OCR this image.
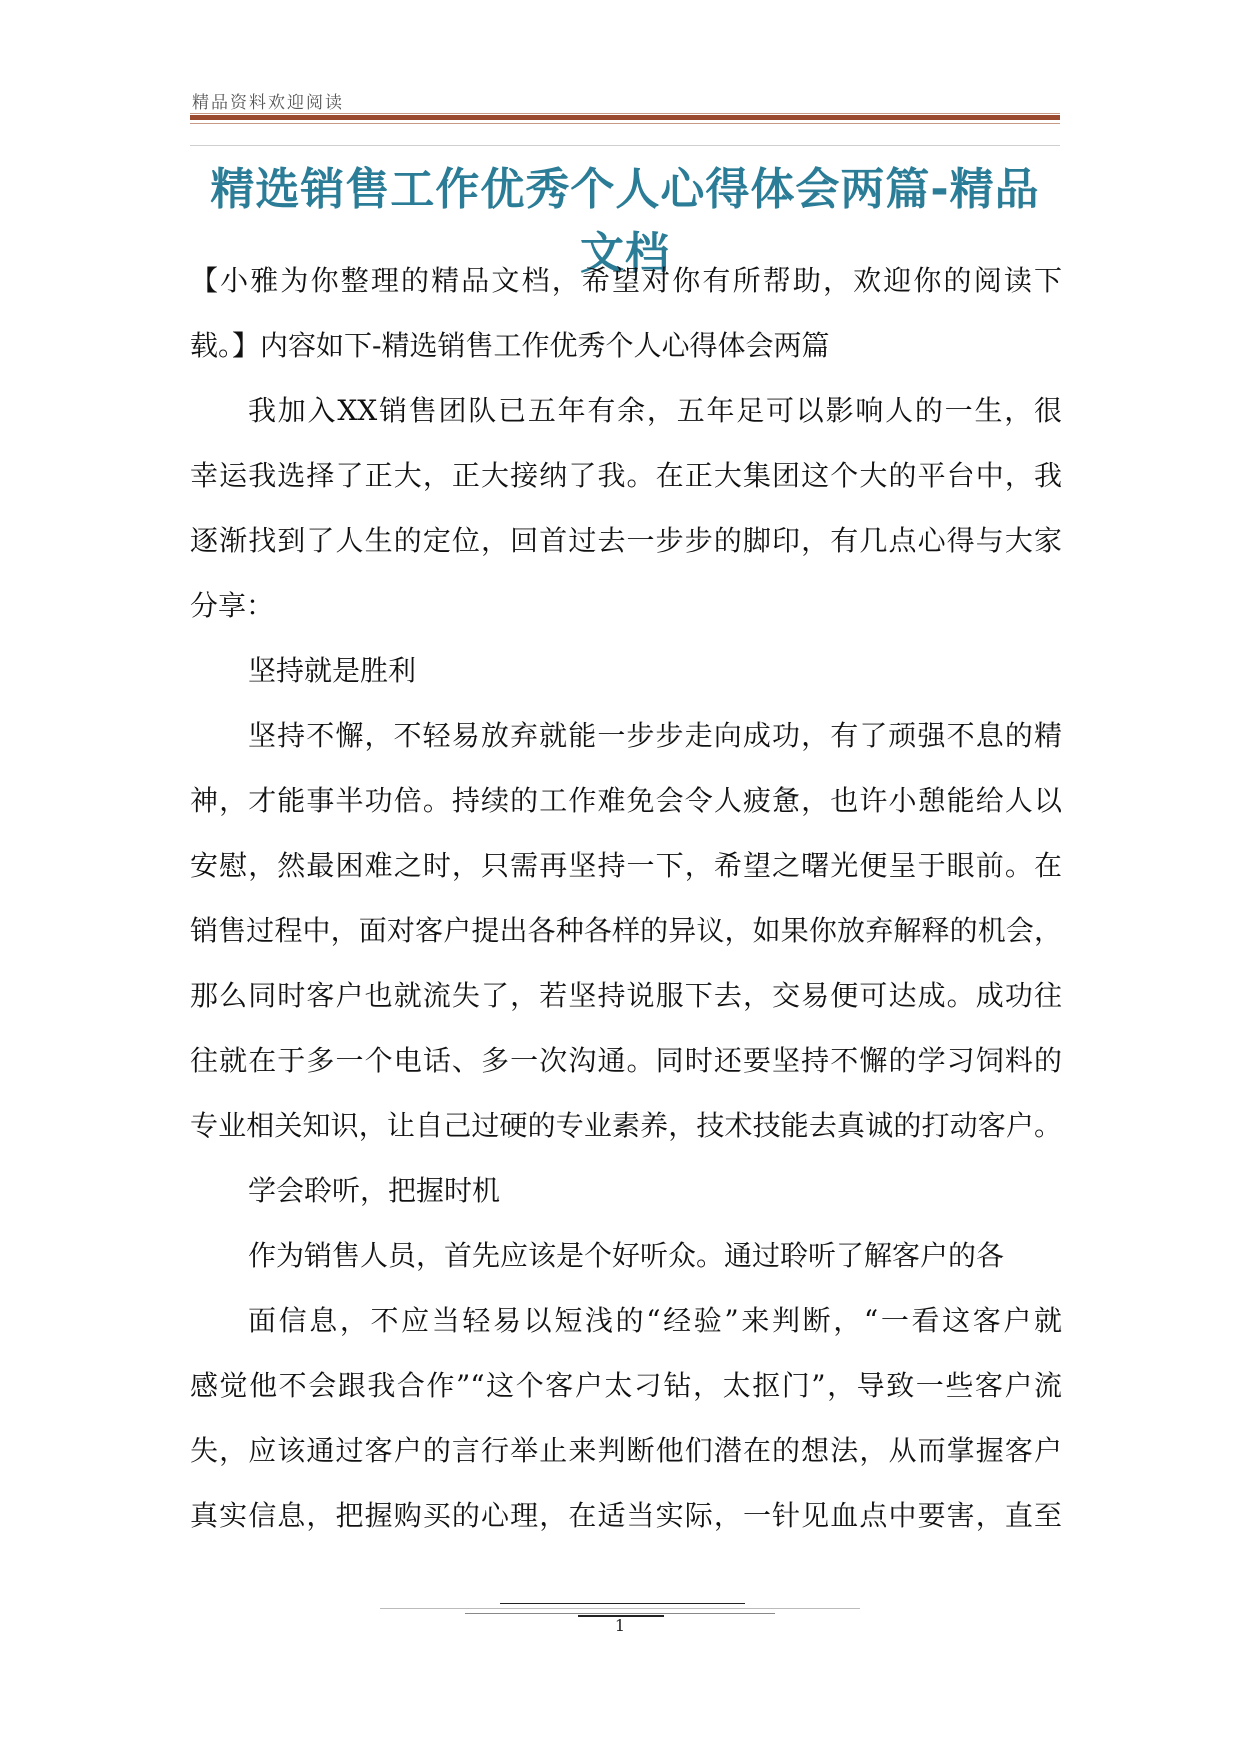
精品资料欢迎阅读
精选销售工作优秀个人心得体会两篇-精品文档
【小雅为你整理的精品文档，希望对你有所帮助，欢迎你的阅读下
载。】内容如下-精选销售工作优秀个人心得体会两篇
我加入XX销售团队已五年有余，五年足可以影响人的一生，很
幸运我选择了正大，正大接纳了我。在正大集团这个大的平台中，我
逐渐找到了人生的定位，回首过去一步步的脚印，有几点心得与大家
分享：
坚持就是胜利
坚持不懈，不轻易放弃就能一步步走向成功，有了顽强不息的精
神，才能事半功倍。持续的工作难免会令人疲惫，也许小憩能给人以
安慰，然最困难之时，只需再坚持一下，希望之曙光便呈于眼前。在
销售过程中，面对客户提出各种各样的异议，如果你放弃解释的机会，
那么同时客户也就流失了，若坚持说服下去，交易便可达成。成功往
往就在于多一个电话、多一次沟通。同时还要坚持不懈的学习饲料的
专业相关知识，让自己过硬的专业素养，技术技能去真诚的打动客户。
学会聆听，把握时机
作为销售人员，首先应该是个好听众。通过聆听了解客户的各
面信息，不应当轻易以短浅的“经验”来判断，“一看这客户就
感觉他不会跟我合作”“这个客户太刁钻，太抠门”，导致一些客户流
失，应该通过客户的言行举止来判断他们潜在的想法，从而掌握客户
真实信息，把握购买的心理，在适当实际，一针见血点中要害，直至
1
